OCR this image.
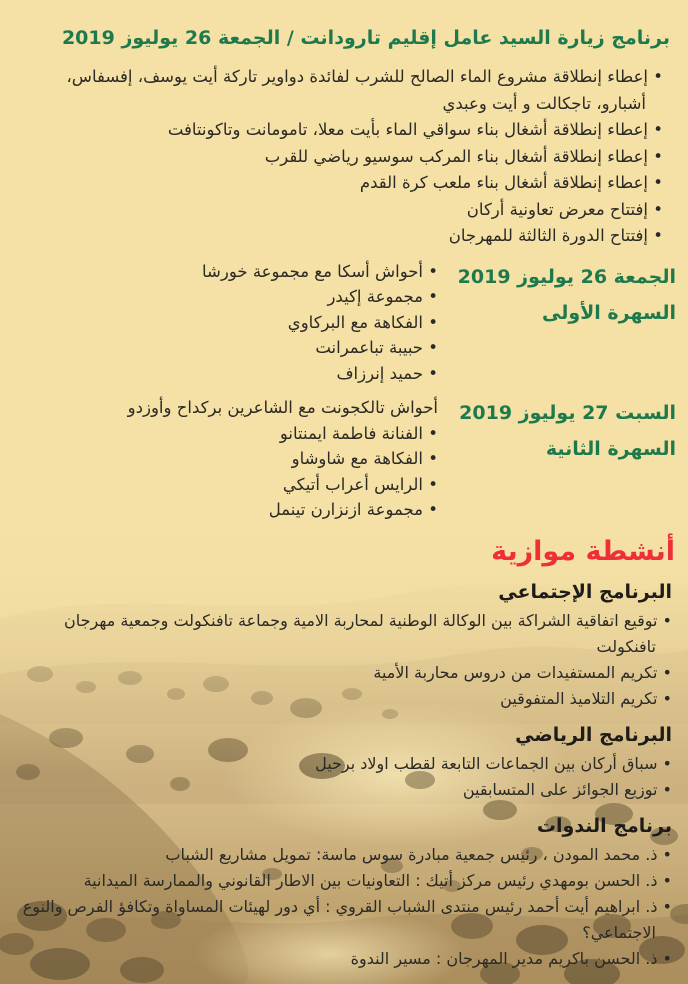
برنامج زيارة السيد عامل إقليم تارودانت / الجمعة 26 يوليوز 2019
• إعطاء إنطلاقة مشروع الماء الصالح للشرب لفائدة دواوير تاركة أيت يوسف، إفسفاس، أشبارو، تاجكالت و أيت وعبدي
• إعطاء إنطلاقة أشغال بناء سواقي الماء بأيت معلا، تامومانت وتاكونتافت
• إعطاء إنطلاقة أشغال بناء المركب سوسيو رياضي للقرب
• إعطاء إنطلاقة أشغال بناء ملعب كرة القدم
• إفتتاح معرض تعاونية أركان
• إفتتاح الدورة الثالثة للمهرجان
الجمعة 26 يوليوز 2019
السهرة الأولى
• أحواش أسكا مع مجموعة خورشا
• مجموعة إكيدر
• الفكاهة مع البركاوي
• حبيبة تباعمرانت
• حميد إنرزاف
السبت 27 يوليوز 2019
السهرة الثانية
أحواش تالكجونت مع الشاعرين بركداح وأوزدو
• الفنانة فاطمة ايمنتانو
• الفكاهة مع شاوشاو
• الرايس أعراب أتيكي
• مجموعة ازنزارن تينمل
أنشطة موازية
البرنامج الإجتماعي
• توقيع اتفاقية الشراكة بين الوكالة الوطنية لمحاربة الامية وجماعة تافنكولت وجمعية مهرجان تافنكولت
• تكريم المستفيدات من دروس محاربة الأمية
• تكريم التلاميذ المتفوقين
البرنامج الرياضي
• سباق أركان بين الجماعات التابعة لقطب اولاد برحيل
• توزيع الجوائز على المتسابقين
برنامج الندوات
• ذ. محمد المودن ، رئيس جمعية مبادرة سوس ماسة: تمويل مشاريع الشباب
• ذ. الحسن بومهدي رئيس مركز أتيك : التعاونيات بين الاطار القانوني والممارسة الميدانية
• ذ. ابراهيم أيت أحمد رئيس منتدى الشباب القروي : أي دور لهيئات المساواة وتكافؤ الفرص والنوع الاجتماعي؟
• ذ. الحسن باكريم مدير المهرجان : مسير الندوة
